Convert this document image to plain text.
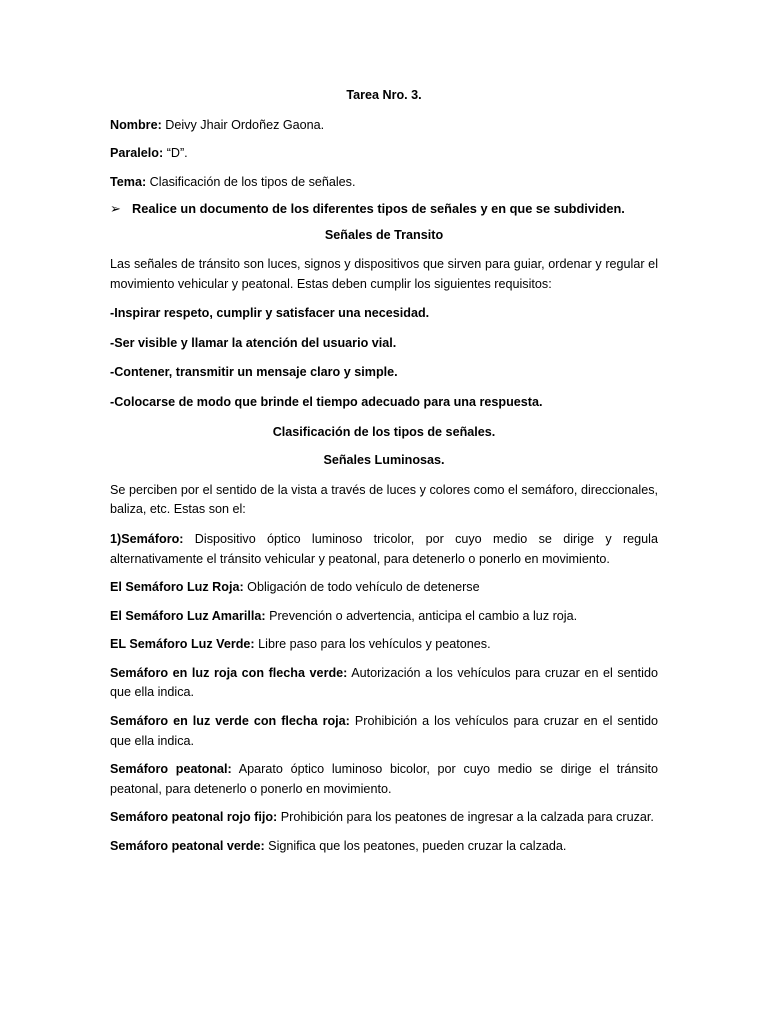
Tarea Nro. 3.

Nombre: Deivy Jhair Ordoñez Gaona.

Paralelo: “D”.

Tema: Clasificación de los tipos de señales.

➢ Realice un documento de los diferentes tipos de señales y en que se subdividen.

Señales de Transito

Las señales de tránsito son luces, signos y dispositivos que sirven para guiar, ordenar y regular el movimiento vehicular y peatonal. Estas deben cumplir los siguientes requisitos:

-Inspirar respeto, cumplir y satisfacer una necesidad.

-Ser visible y llamar la atención del usuario vial.

-Contener, transmitir un mensaje claro y simple.

-Colocarse de modo que brinde el tiempo adecuado para una respuesta.

Clasificación de los tipos de señales.

Señales Luminosas.

Se perciben por el sentido de la vista a través de luces y colores como el semáforo, direccionales, baliza, etc. Estas son el:

1)Semáforo: Dispositivo óptico luminoso tricolor, por cuyo medio se dirige y regula alternativamente el tránsito vehicular y peatonal, para detenerlo o ponerlo en movimiento.

El Semáforo Luz Roja: Obligación de todo vehículo de detenerse

El Semáforo Luz Amarilla: Prevención o advertencia, anticipa el cambio a luz roja.

EL Semáforo Luz Verde: Libre paso para los vehículos y peatones.

Semáforo en luz roja con flecha verde: Autorización a los vehículos para cruzar en el sentido que ella indica.

Semáforo en luz verde con flecha roja: Prohibición a los vehículos para cruzar en el sentido que ella indica.

Semáforo peatonal: Aparato óptico luminoso bicolor, por cuyo medio se dirige el tránsito peatonal, para detenerlo o ponerlo en movimiento.

Semáforo peatonal rojo fijo: Prohibición para los peatones de ingresar a la calzada para cruzar.

Semáforo peatonal verde: Significa que los peatones, pueden cruzar la calzada.
